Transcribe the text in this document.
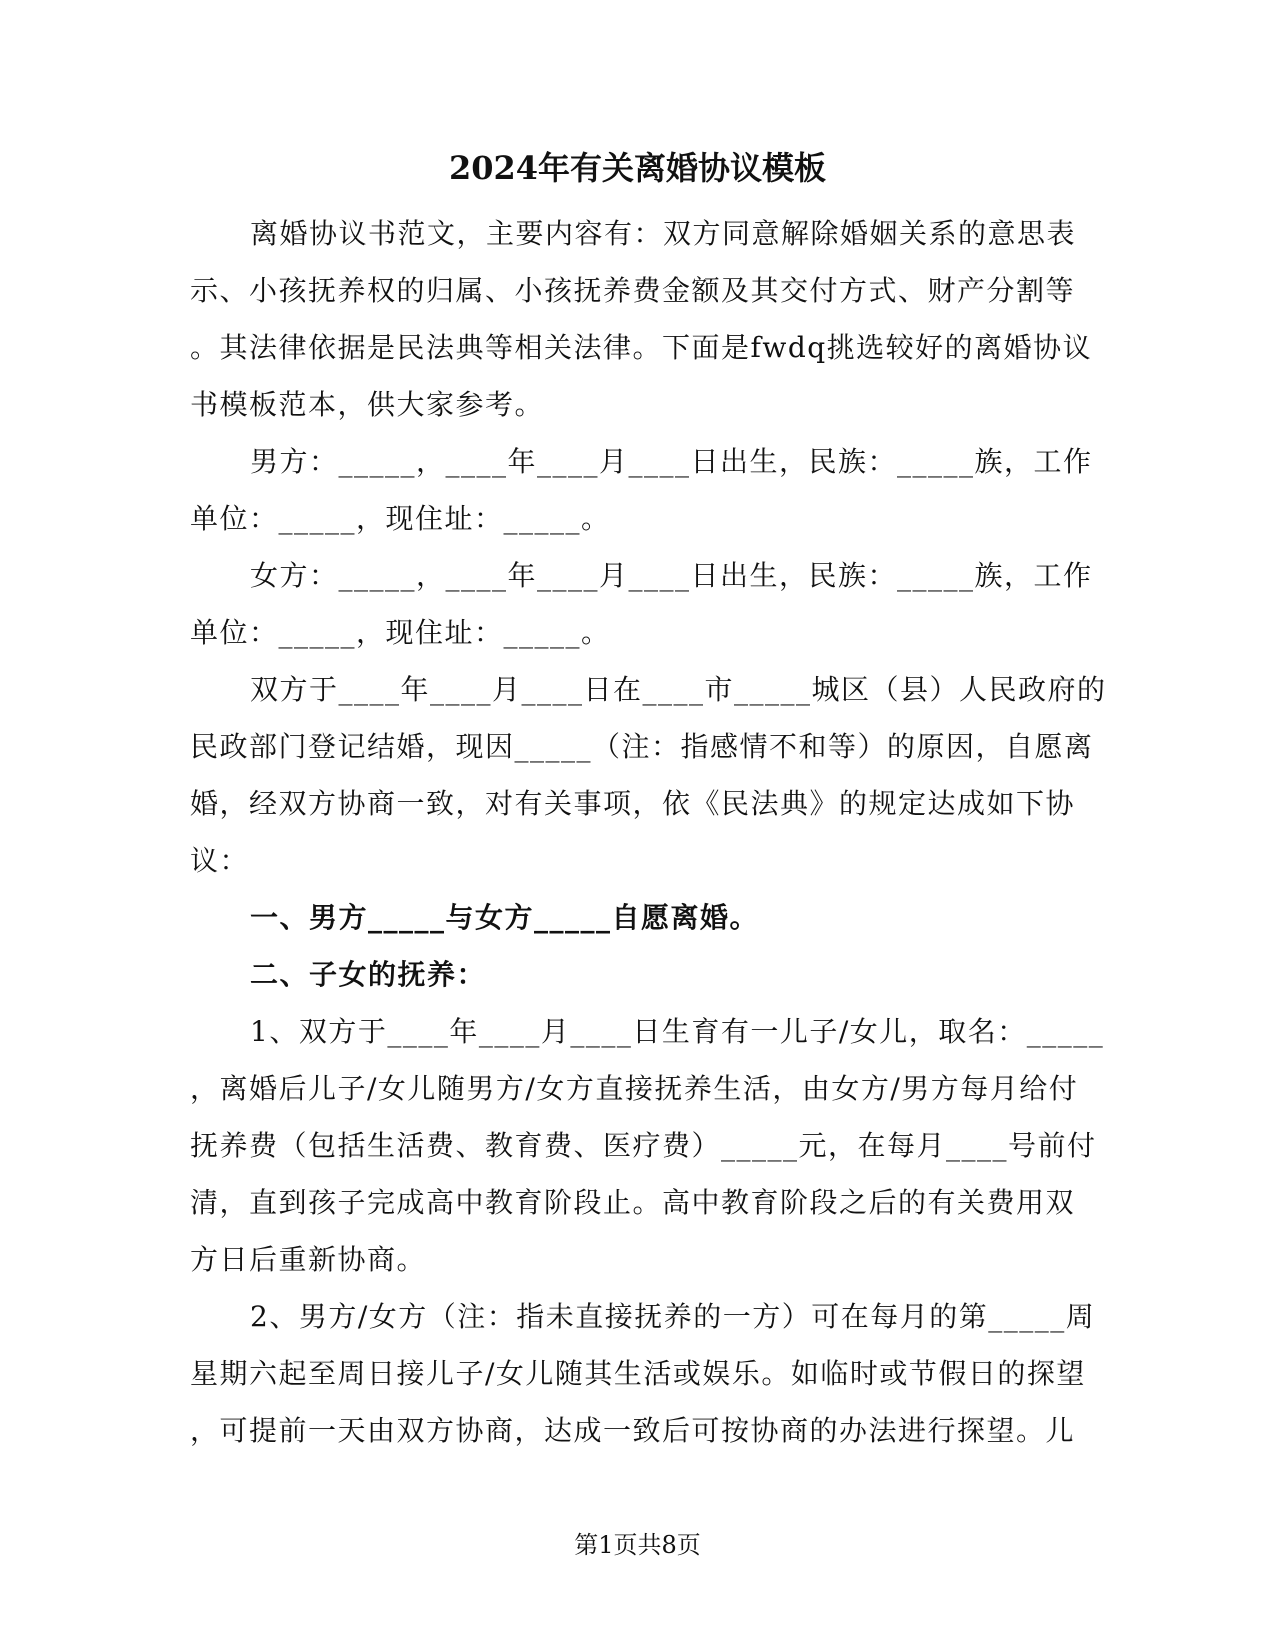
2024年有关离婚协议模板
离婚协议书范文，主要内容有：双方同意解除婚姻关系的意思表
示、小孩抚养权的归属、小孩抚养费金额及其交付方式、财产分割等
。其法律依据是民法典等相关法律。下面是fwdq挑选较好的离婚协议
书模板范本，供大家参考。
男方：_____，____年____月____日出生，民族：_____族，工作
单位：_____，现住址：_____。
女方：_____，____年____月____日出生，民族：_____族，工作
单位：_____，现住址：_____。
双方于____年____月____日在____市_____城区（县）人民政府的
民政部门登记结婚，现因_____（注：指感情不和等）的原因，自愿离
婚，经双方协商一致，对有关事项，依《民法典》的规定达成如下协
议：
一、男方_____与女方_____自愿离婚。
二、子女的抚养：
1、双方于____年____月____日生育有一儿子/女儿，取名：_____
，离婚后儿子/女儿随男方/女方直接抚养生活，由女方/男方每月给付
抚养费（包括生活费、教育费、医疗费）_____元，在每月____号前付
清，直到孩子完成高中教育阶段止。高中教育阶段之后的有关费用双
方日后重新协商。
2、男方/女方（注：指未直接抚养的一方）可在每月的第_____周
星期六起至周日接儿子/女儿随其生活或娱乐。如临时或节假日的探望
，可提前一天由双方协商，达成一致后可按协商的办法进行探望。儿
第1页共8页
